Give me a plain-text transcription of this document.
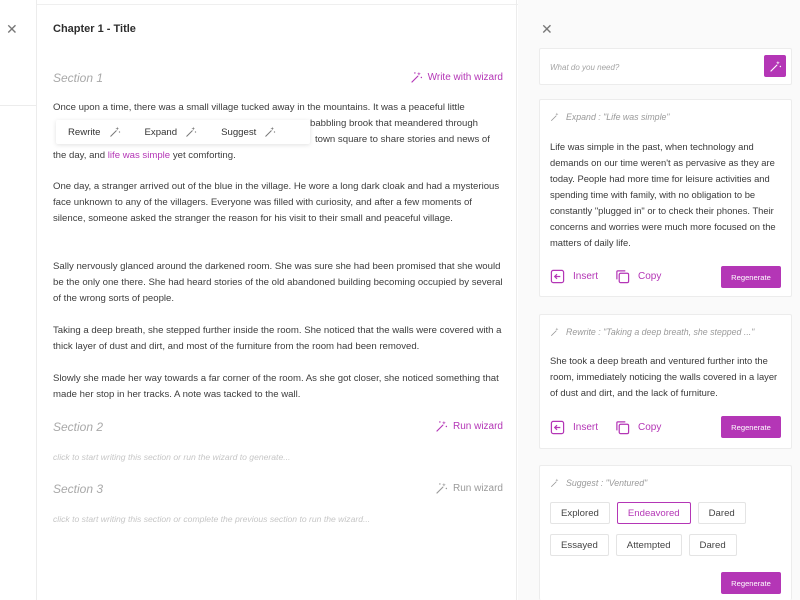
✕	Chapter 1 - Title
Section 1	Write with wizard
Once upon a time, there was a small village tucked away in the mountains. It was a peaceful little
babbling brook that meandered through
town square to share stories and news of
the day, and life was simple yet comforting.
Rewrite	Expand	Suggest
One day, a stranger arrived out of the blue in the village. He wore a long dark cloak and had a mysterious face unknown to any of the villagers. Everyone was filled with curiosity, and after a few moments of silence, someone asked the stranger the reason for his visit to their small and peaceful village.
Sally nervously glanced around the darkened room. She was sure she had been promised that she would be the only one there. She had heard stories of the old abandoned building becoming occupied by several of the wrong sorts of people.
Taking a deep breath, she stepped further inside the room. She noticed that the walls were covered with a thick layer of dust and dirt, and most of the furniture from the room had been removed.
Slowly she made her way towards a far corner of the room. As she got closer, she noticed something that made her stop in her tracks. A note was tacked to the wall.
Section 2	Run wizard
click to start writing this section or run the wizard to generate...
Section 3	Run wizard
click to start writing this section or complete the previous section to run the wizard...
✕
What do you need?
Expand : "Life was simple"
Life was simple in the past, when technology and demands on our time weren't as pervasive as they are today. People had more time for leisure activities and spending time with family, with no obligation to be constantly "plugged in" or to check their phones. Their concerns and worries were much more focused on the matters of daily life.
Insert	Copy	Regenerate
Rewrite : "Taking a deep breath, she stepped ..."
She took a deep breath and ventured further into the room, immediately noticing the walls covered in a layer of dust and dirt, and the lack of furniture.
Insert	Copy	Regenerate
Suggest : "Ventured"
Explored	Endeavored	Dared
Essayed	Attempted	Dared
Regenerate
